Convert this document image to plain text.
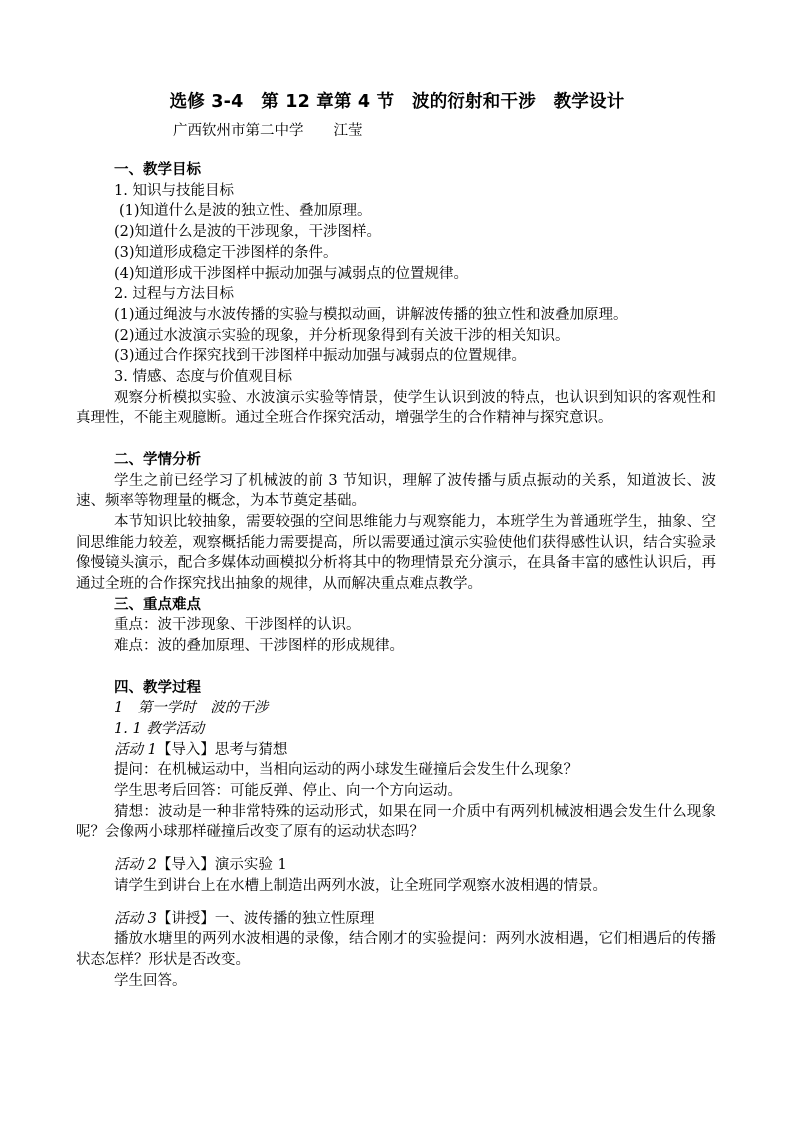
选修 3-4　第 12 章第 4 节　波的衍射和干涉　教学设计
广西钦州市第二中学 江莹

一、教学目标

1. 知识与技能目标

(1)知道什么是波的独立性、叠加原理。

(2)知道什么是波的干涉现象，干涉图样。

(3)知道形成稳定干涉图样的条件。

(4)知道形成干涉图样中振动加强与减弱点的位置规律。

2. 过程与方法目标

(1)通过绳波与水波传播的实验与模拟动画，讲解波传播的独立性和波叠加原理。

(2)通过水波演示实验的现象，并分析现象得到有关波干涉的相关知识。

(3)通过合作探究找到干涉图样中振动加强与减弱点的位置规律。

3. 情感、态度与价值观目标

观察分析模拟实验、水波演示实验等情景，使学生认识到波的特点，也认识到知识的客观性和真理性，不能主观臆断。通过全班合作探究活动，增强学生的合作精神与探究意识。

二、学情分析

学生之前已经学习了机械波的前 3 节知识，理解了波传播与质点振动的关系，知道波长、波速、频率等物理量的概念，为本节奠定基础。

本节知识比较抽象，需要较强的空间思维能力与观察能力，本班学生为普通班学生，抽象、空间思维能力较差，观察概括能力需要提高，所以需要通过演示实验使他们获得感性认识，结合实验录像慢镜头演示，配合多媒体动画模拟分析将其中的物理情景充分演示，在具备丰富的感性认识后，再通过全班的合作探究找出抽象的规律，从而解决重点难点教学。

三、重点难点

重点：波干涉现象、干涉图样的认识。

难点：波的叠加原理、干涉图样的形成规律。

四、教学过程

1　第一学时　波的干涉

1. 1 教学活动

活动 1【导入】思考与猜想

提问：在机械运动中，当相向运动的两小球发生碰撞后会发生什么现象？

学生思考后回答：可能反弹、停止、向一个方向运动。

猜想：波动是一种非常特殊的运动形式，如果在同一介质中有两列机械波相遇会发生什么现象呢？会像两小球那样碰撞后改变了原有的运动状态吗？

活动 2【导入】演示实验 1

请学生到讲台上在水槽上制造出两列水波，让全班同学观察水波相遇的情景。

活动 3【讲授】一、波传播的独立性原理

播放水塘里的两列水波相遇的录像，结合刚才的实验提问：两列水波相遇，它们相遇后的传播状态怎样？形状是否改变。

学生回答。
